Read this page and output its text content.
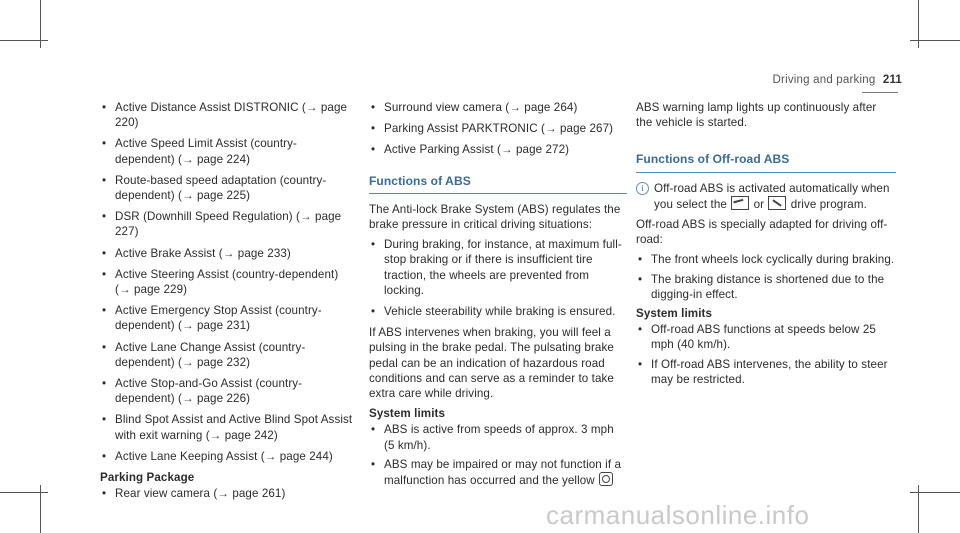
Driving and parking 211
• Active Distance Assist DISTRONIC (→ page 220)
• Active Speed Limit Assist (country-dependent) (→ page 224)
• Route-based speed adaptation (country-dependent) (→ page 225)
• DSR (Downhill Speed Regulation) (→ page 227)
• Active Brake Assist (→ page 233)
• Active Steering Assist (country-dependent) (→ page 229)
• Active Emergency Stop Assist (country-dependent) (→ page 231)
• Active Lane Change Assist (country-dependent) (→ page 232)
• Active Stop-and-Go Assist (country-dependent) (→ page 226)
• Blind Spot Assist and Active Blind Spot Assist with exit warning (→ page 242)
• Active Lane Keeping Assist (→ page 244)
Parking Package
• Rear view camera (→ page 261)
• Surround view camera (→ page 264)
• Parking Assist PARKTRONIC (→ page 267)
• Active Parking Assist (→ page 272)
Functions of ABS

The Anti-lock Brake System (ABS) regulates the brake pressure in critical driving situations:

• During braking, for instance, at maximum full-stop braking or if there is insufficient tire traction, the wheels are prevented from locking.
• Vehicle steerability while braking is ensured.

If ABS intervenes when braking, you will feel a pulsing in the brake pedal. The pulsating brake pedal can be an indication of hazardous road conditions and can serve as a reminder to take extra care while driving.

System limits
• ABS is active from speeds of approx. 3 mph (5 km/h).
• ABS may be impaired or may not function if a malfunction has occurred and the yellow

ABS warning lamp lights up continuously after the vehicle is started.

Functions of Off-road ABS
i Off-road ABS is activated automatically when you select the or drive program.

Off-road ABS is specially adapted for driving off-road:

• The front wheels lock cyclically during braking.
• The braking distance is shortened due to the digging-in effect.
System limits
• Off-road ABS functions at speeds below 25 mph (40 km/h).
• If Off-road ABS intervenes, the ability to steer may be restricted.
carmanualsonline.info
